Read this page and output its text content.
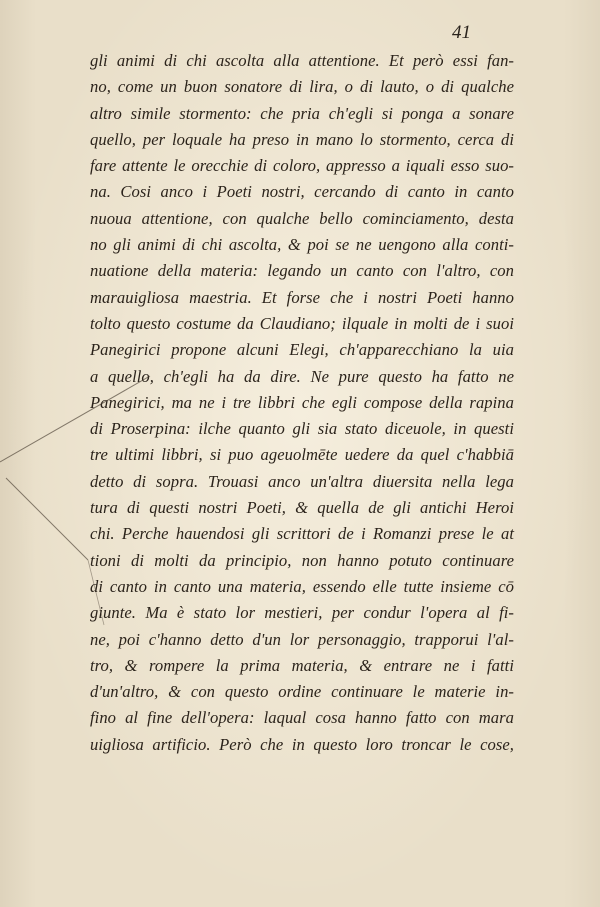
41
gli animi di chi ascolta alla attentione. Et però essi fan-
no, come un buon sonatore di lira, o di lauto, o di qualche
altro simile stormento: che pria ch'egli si ponga a sonare
quello, per loquale ha preso in mano lo stormento, cerca di
fare attente le orecchie di coloro, appresso a iquali esso suo-
na. Cosi anco i Poeti nostri, cercando di canto in canto
nuoua attentione, con qualche bello cominciamento, desta
no gli animi di chi ascolta, & poi se ne uengono alla conti-
nuatione della materia: legando un canto con l'altro, con
marauigliosa maestria. Et forse che i nostri Poeti hanno
tolto questo costume da Claudiano; ilquale in molti de i suoi
Panegirici propone alcuni Elegi, ch'apparecchiano la uia
a quello, ch'egli ha da dire. Ne pure questo ha fatto ne
Panegirici, ma ne i tre libbri che egli compose della rapina
di Proserpina: ilche quanto gli sia stato diceuole, in questi
tre ultimi libbri, si puo ageuolmēte uedere da quel c'habbiā
detto di sopra. Trouasi anco un'altra diuersita nella lega
tura di questi nostri Poeti, & quella de gli antichi Heroi
chi. Perche hauendosi gli scrittori de i Romanzi prese le at
tioni di molti da principio, non hanno potuto continuare
di canto in canto una materia, essendo elle tutte insieme cō
giunte. Ma è stato lor mestieri, per condur l'opera al fi-
ne, poi c'hanno detto d'un lor personaggio, trapporui l'al-
tro, & rompere la prima materia, & entrare ne i fatti
d'un'altro, & con questo ordine continuare le materie in-
fino al fine dell'opera: laqual cosa hanno fatto con mara
uigliosa artificio. Però che in questo loro troncar le cose,
